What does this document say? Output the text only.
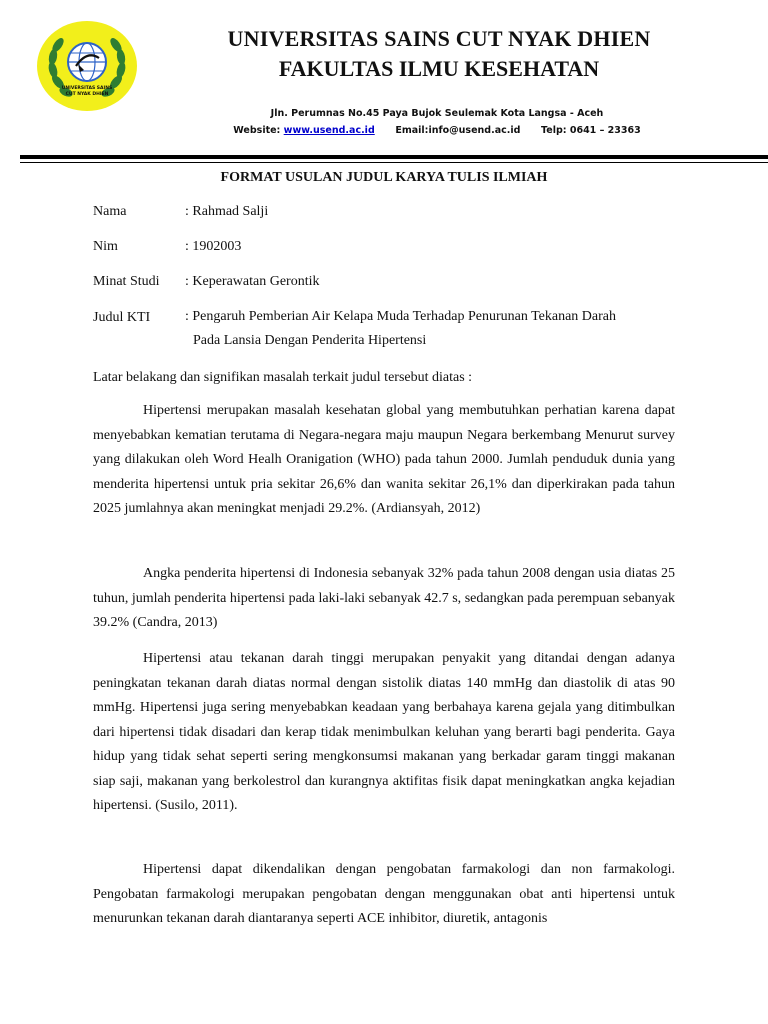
UNIVERSITAS SAINS
CUT NYAK DHIEN
UNIVERSITAS SAINS CUT NYAK DHIEN
FAKULTAS ILMU KESEHATAN
Jln. Perumnas No.45 Paya Bujok Seulemak Kota Langsa - Aceh
Website: www.usend.ac.id Email:info@usend.ac.id Telp: 0641 – 23363
FORMAT USULAN JUDUL KARYA TULIS ILMIAH
Nama	: Rahmad Salji
Nim	: 1902003
Minat Studi	: Keperawatan Gerontik
Judul KTI	: Pengaruh Pemberian Air Kelapa Muda Terhadap Penurunan Tekanan Darah
Pada Lansia Dengan Penderita Hipertensi
Latar belakang dan signifikan masalah terkait judul tersebut diatas :

Hipertensi merupakan masalah kesehatan global yang membutuhkan perhatian karena dapat menyebabkan kematian terutama di Negara-negara maju maupun Negara berkembang Menurut survey yang dilakukan oleh Word Healh Oranigation (WHO) pada tahun 2000. Jumlah penduduk dunia yang menderita hipertensi untuk pria sekitar 26,6% dan wanita sekitar 26,1% dan diperkirakan pada tahun 2025 jumlahnya akan meningkat menjadi 29.2%. (Ardiansyah, 2012)

Angka penderita hipertensi di Indonesia sebanyak 32% pada tahun 2008 dengan usia diatas 25 tuhun, jumlah penderita hipertensi pada laki-laki sebanyak 42.7 s, sedangkan pada perempuan sebanyak 39.2% (Candra, 2013)

Hipertensi atau tekanan darah tinggi merupakan penyakit yang ditandai dengan adanya peningkatan tekanan darah diatas normal dengan sistolik diatas 140 mmHg dan diastolik di atas 90 mmHg. Hipertensi juga sering menyebabkan keadaan yang berbahaya karena gejala yang ditimbulkan dari hipertensi tidak disadari dan kerap tidak menimbulkan keluhan yang berarti bagi penderita. Gaya hidup yang tidak sehat seperti sering mengkonsumsi makanan yang berkadar garam tinggi makanan siap saji, makanan yang berkolestrol dan kurangnya aktifitas fisik dapat meningkatkan angka kejadian hipertensi. (Susilo, 2011).

Hipertensi dapat dikendalikan dengan pengobatan farmakologi dan non farmakologi. Pengobatan farmakologi merupakan pengobatan dengan menggunakan obat anti hipertensi untuk menurunkan tekanan darah diantaranya seperti ACE inhibitor, diuretik, antagonis
